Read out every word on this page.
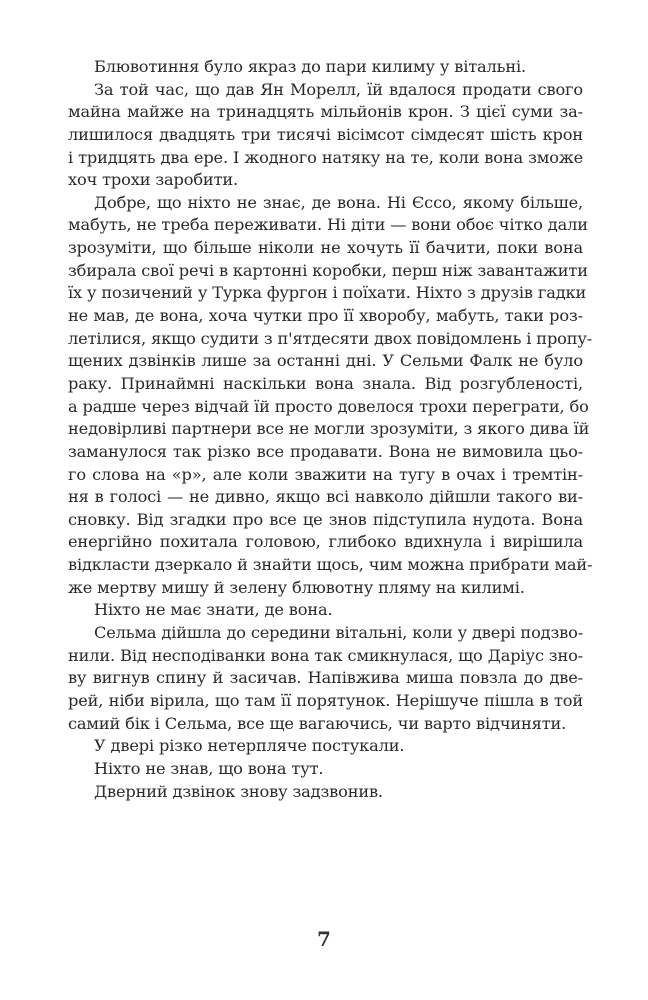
Блювотиння було якраз до пари килиму у вітальні.
За той час, що дав Ян Морелл, їй вдалося продати свого
майна майже на тринадцять мільйонів крон. З цієї суми за-
лишилося двадцять три тисячі вісімсот сімдесят шість крон
і тридцять два ере. І жодного натяку на те, коли вона зможе
хоч трохи заробити.
Добре, що ніхто не знає, де вона. Ні Єссо, якому більше,
мабуть, не треба переживати. Ні діти — вони обоє чітко дали
зрозуміти, що більше ніколи не хочуть її бачити, поки вона
збирала свої речі в картонні коробки, перш ніж завантажити
їх у позичений у Турка фургон і поїхати. Ніхто з друзів гадки
не мав, де вона, хоча чутки про її хворобу, мабуть, таки роз-
летілися, якщо судити з п'ятдесяти двох повідомлень і пропу-
щених дзвінків лише за останні дні. У Сельми Фалк не було
раку. Принаймні наскільки вона знала. Від розгубленості,
а радше через відчай їй просто довелося трохи переграти, бо
недовірливі партнери все не могли зрозуміти, з якого дива їй
заманулося так різко все продавати. Вона не вимовила цьо-
го слова на «р», але коли зважити на тугу в очах і тремтін-
ня в голосі — не дивно, якщо всі навколо дійшли такого ви-
сновку. Від згадки про все це знов підступила нудота. Вона
енергійно похитала головою, глибоко вдихнула і вирішила
відкласти дзеркало й знайти щось, чим можна прибрати май-
же мертву мишу й зелену блювотну пляму на килимі.
Ніхто не має знати, де вона.
Сельма дійшла до середини вітальні, коли у двері подзво-
нили. Від несподіванки вона так смикнулася, що Даріус зно-
ву вигнув спину й засичав. Напівжива миша повзла до две-
рей, ніби вірила, що там її порятунок. Нерішуче пішла в той
самий бік і Сельма, все ще вагаючись, чи варто відчиняти.
У двері різко нетерпляче постукали.
Ніхто не знав, що вона тут.
Дверний дзвінок знову задзвонив.
7
